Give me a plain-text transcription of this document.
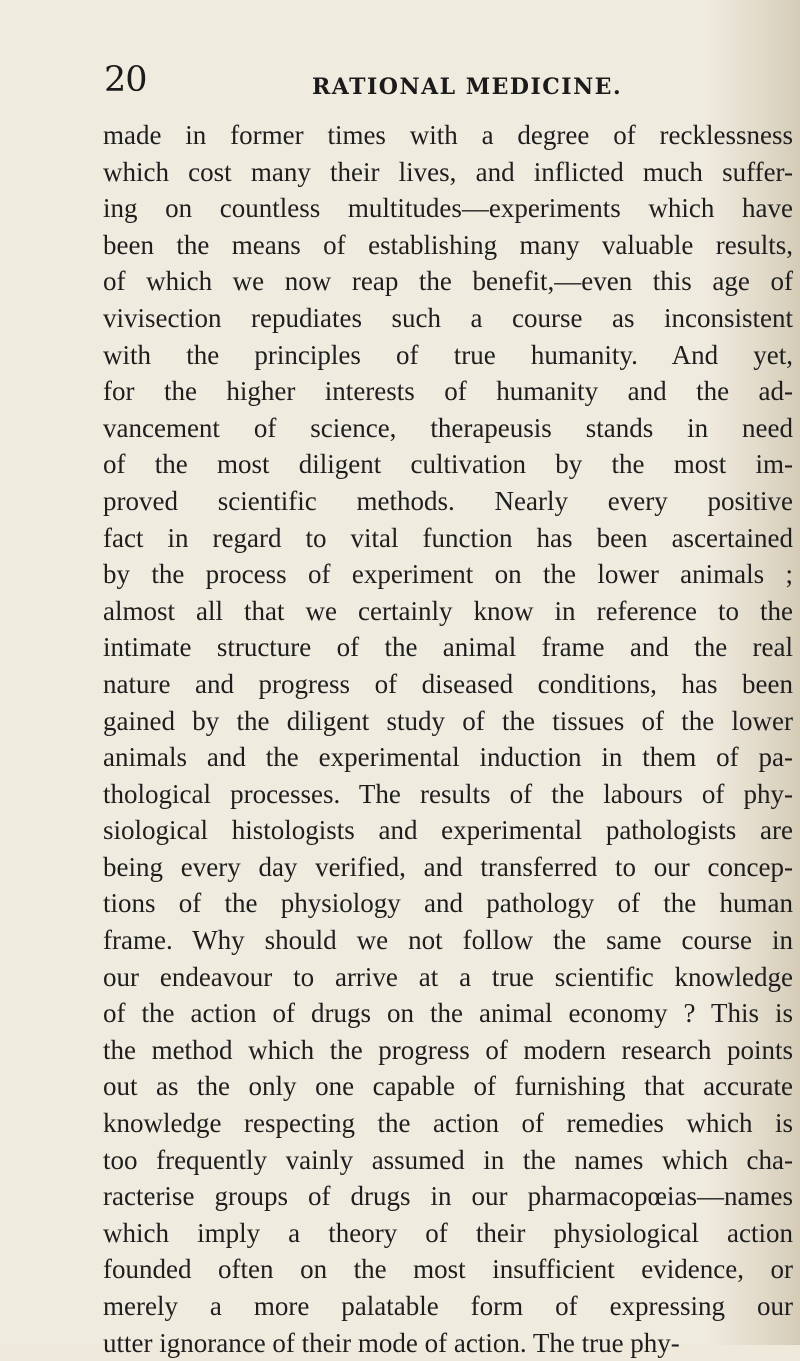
20	RATIONAL MEDICINE.
made in former times with a degree of recklessness
which cost many their lives, and inflicted much suffer-
ing on countless multitudes—experiments which have
been the means of establishing many valuable results,
of which we now reap the benefit,—even this age of
vivisection repudiates such a course as inconsistent
with the principles of true humanity. And yet,
for the higher interests of humanity and the ad-
vancement of science, therapeusis stands in need
of the most diligent cultivation by the most im-
proved scientific methods. Nearly every positive
fact in regard to vital function has been ascertained
by the process of experiment on the lower animals ;
almost all that we certainly know in reference to the
intimate structure of the animal frame and the real
nature and progress of diseased conditions, has been
gained by the diligent study of the tissues of the lower
animals and the experimental induction in them of pa-
thological processes. The results of the labours of phy-
siological histologists and experimental pathologists are
being every day verified, and transferred to our concep-
tions of the physiology and pathology of the human
frame. Why should we not follow the same course in
our endeavour to arrive at a true scientific knowledge
of the action of drugs on the animal economy ? This is
the method which the progress of modern research points
out as the only one capable of furnishing that accurate
knowledge respecting the action of remedies which is
too frequently vainly assumed in the names which cha-
racterise groups of drugs in our pharmacopœias—names
which imply a theory of their physiological action
founded often on the most insufficient evidence, or
merely a more palatable form of expressing our
utter ignorance of their mode of action. The true phy-
